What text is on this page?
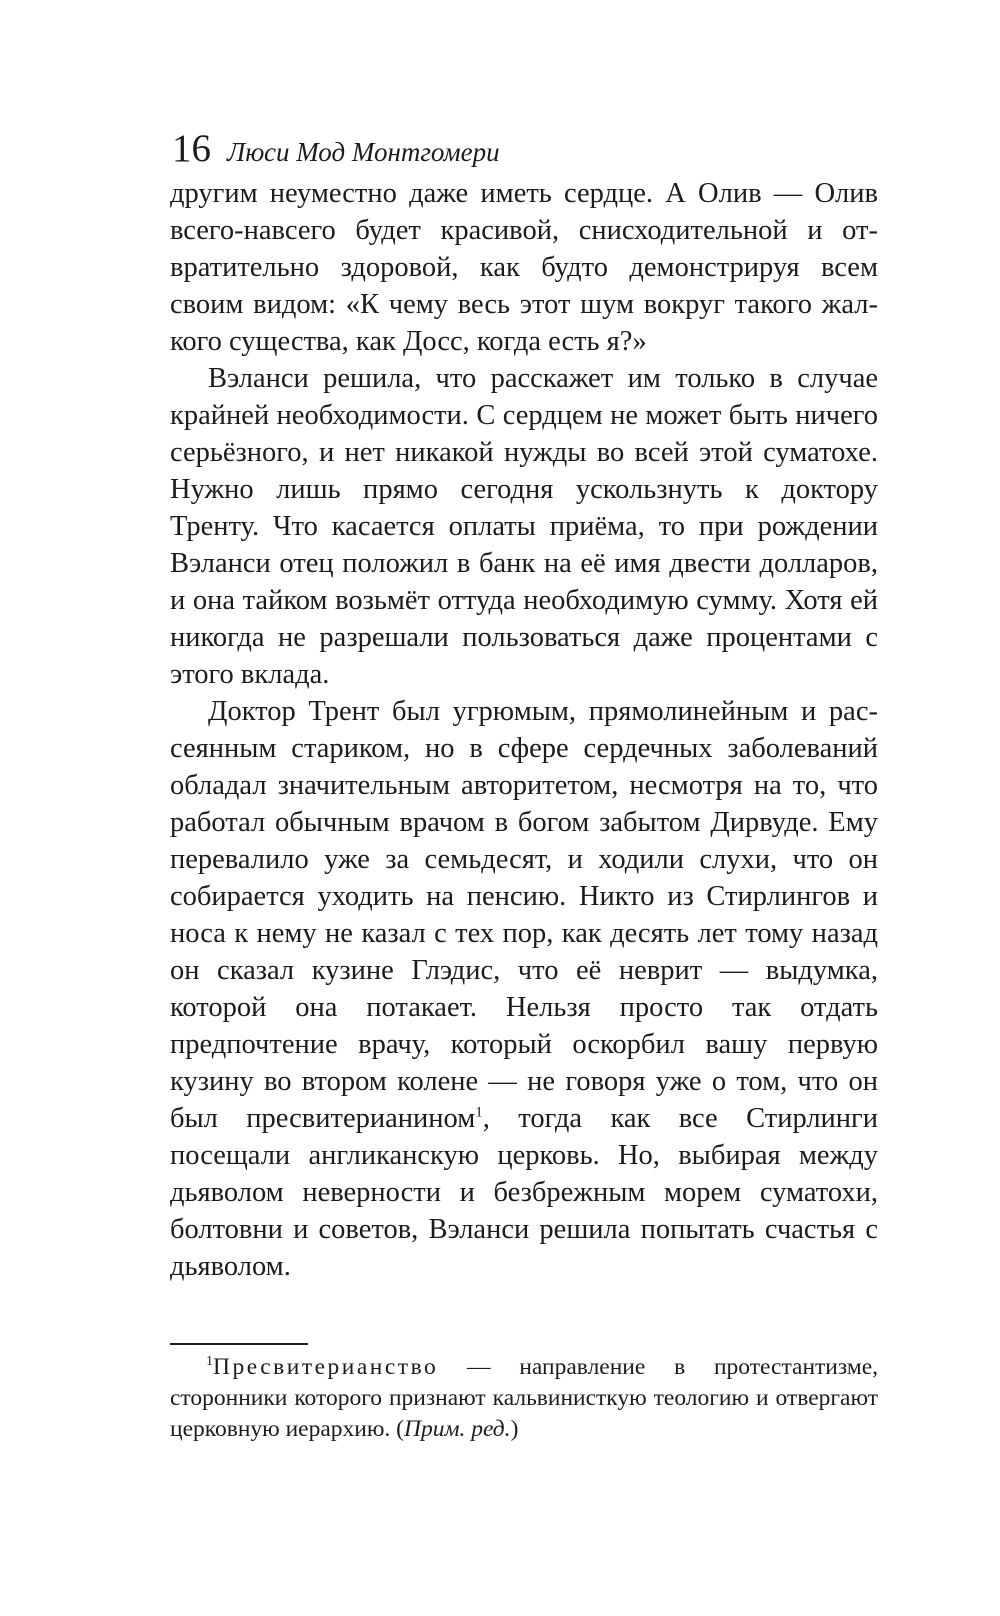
16 Люси Мод Монтгомери

другим неуместно даже иметь сердце. А Олив — Олив всего-навсего будет красивой, снисходительной и отвратительно здоровой, как будто демонстрируя всем своим видом: «К чему весь этот шум вокруг такого жалкого существа, как Досс, когда есть я?»

Вэланси решила, что расскажет им только в случае крайней необходимости. С сердцем не может быть ничего серьёзного, и нет никакой нужды во всей этой суматохе. Нужно лишь прямо сегодня ускользнуть к доктору Тренту. Что касается оплаты приёма, то при рождении Вэланси отец положил в банк на её имя двести долларов, и она тайком возьмёт оттуда необходимую сумму. Хотя ей никогда не разрешали пользоваться даже процентами с этого вклада.

Доктор Трент был угрюмым, прямолинейным и рассеянным стариком, но в сфере сердечных заболеваний обладал значительным авторитетом, несмотря на то, что работал обычным врачом в богом забытом Дирвуде. Ему перевалило уже за семьдесят, и ходили слухи, что он собирается уходить на пенсию. Никто из Стирлингов и носа к нему не казал с тех пор, как десять лет тому назад он сказал кузине Глэдис, что её неврит — выдумка, которой она потакает. Нельзя просто так отдать предпочтение врачу, который оскорбил вашу первую кузину во втором колене — не говоря уже о том, что он был пресвитерианином$^1$, тогда как все Стирлинги посещали англиканскую церковь. Но, выбирая между дьяволом неверности и безбрежным морем суматохи, болтовни и советов, Вэланси решила попытать счастья с дьяволом.

$^1$Пресвитерианство — направление в протестантизме, сторонники которого признают кальвинисткую теологию и отвергают церковную иерархию. (Прим. ред.)
